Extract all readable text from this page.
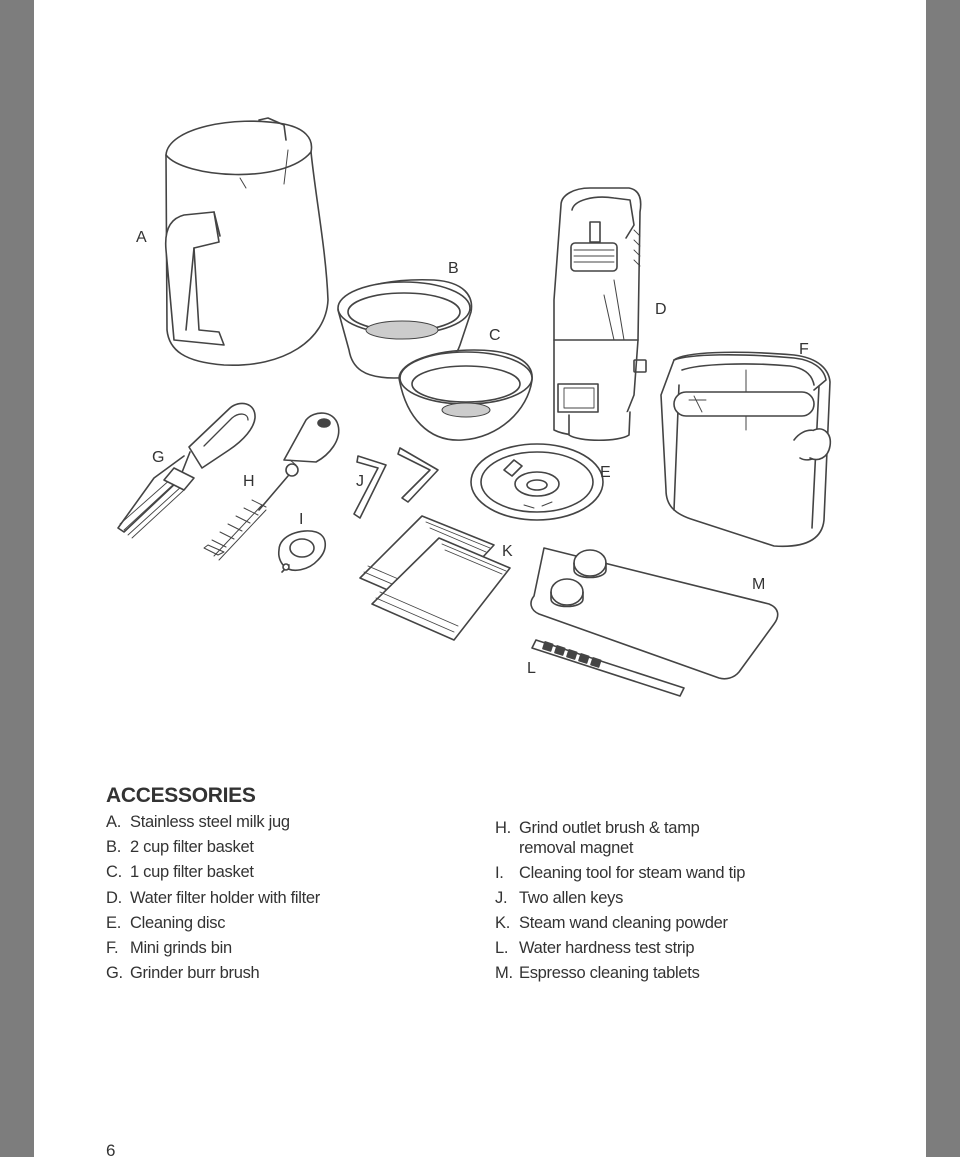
A
B
C
D
E
F
G
H
I
J
K
L
M
ACCESSORIES
A. Stainless steel milk jug
B. 2 cup filter basket
C. 1 cup filter basket
D. Water filter holder with filter
E. Cleaning disc
F. Mini grinds bin
G. Grinder burr brush
H. Grind outlet brush & tamp removal magnet
I. Cleaning tool for steam wand tip
J. Two allen keys
K. Steam wand cleaning powder
L. Water hardness test strip
M. Espresso cleaning tablets
6
